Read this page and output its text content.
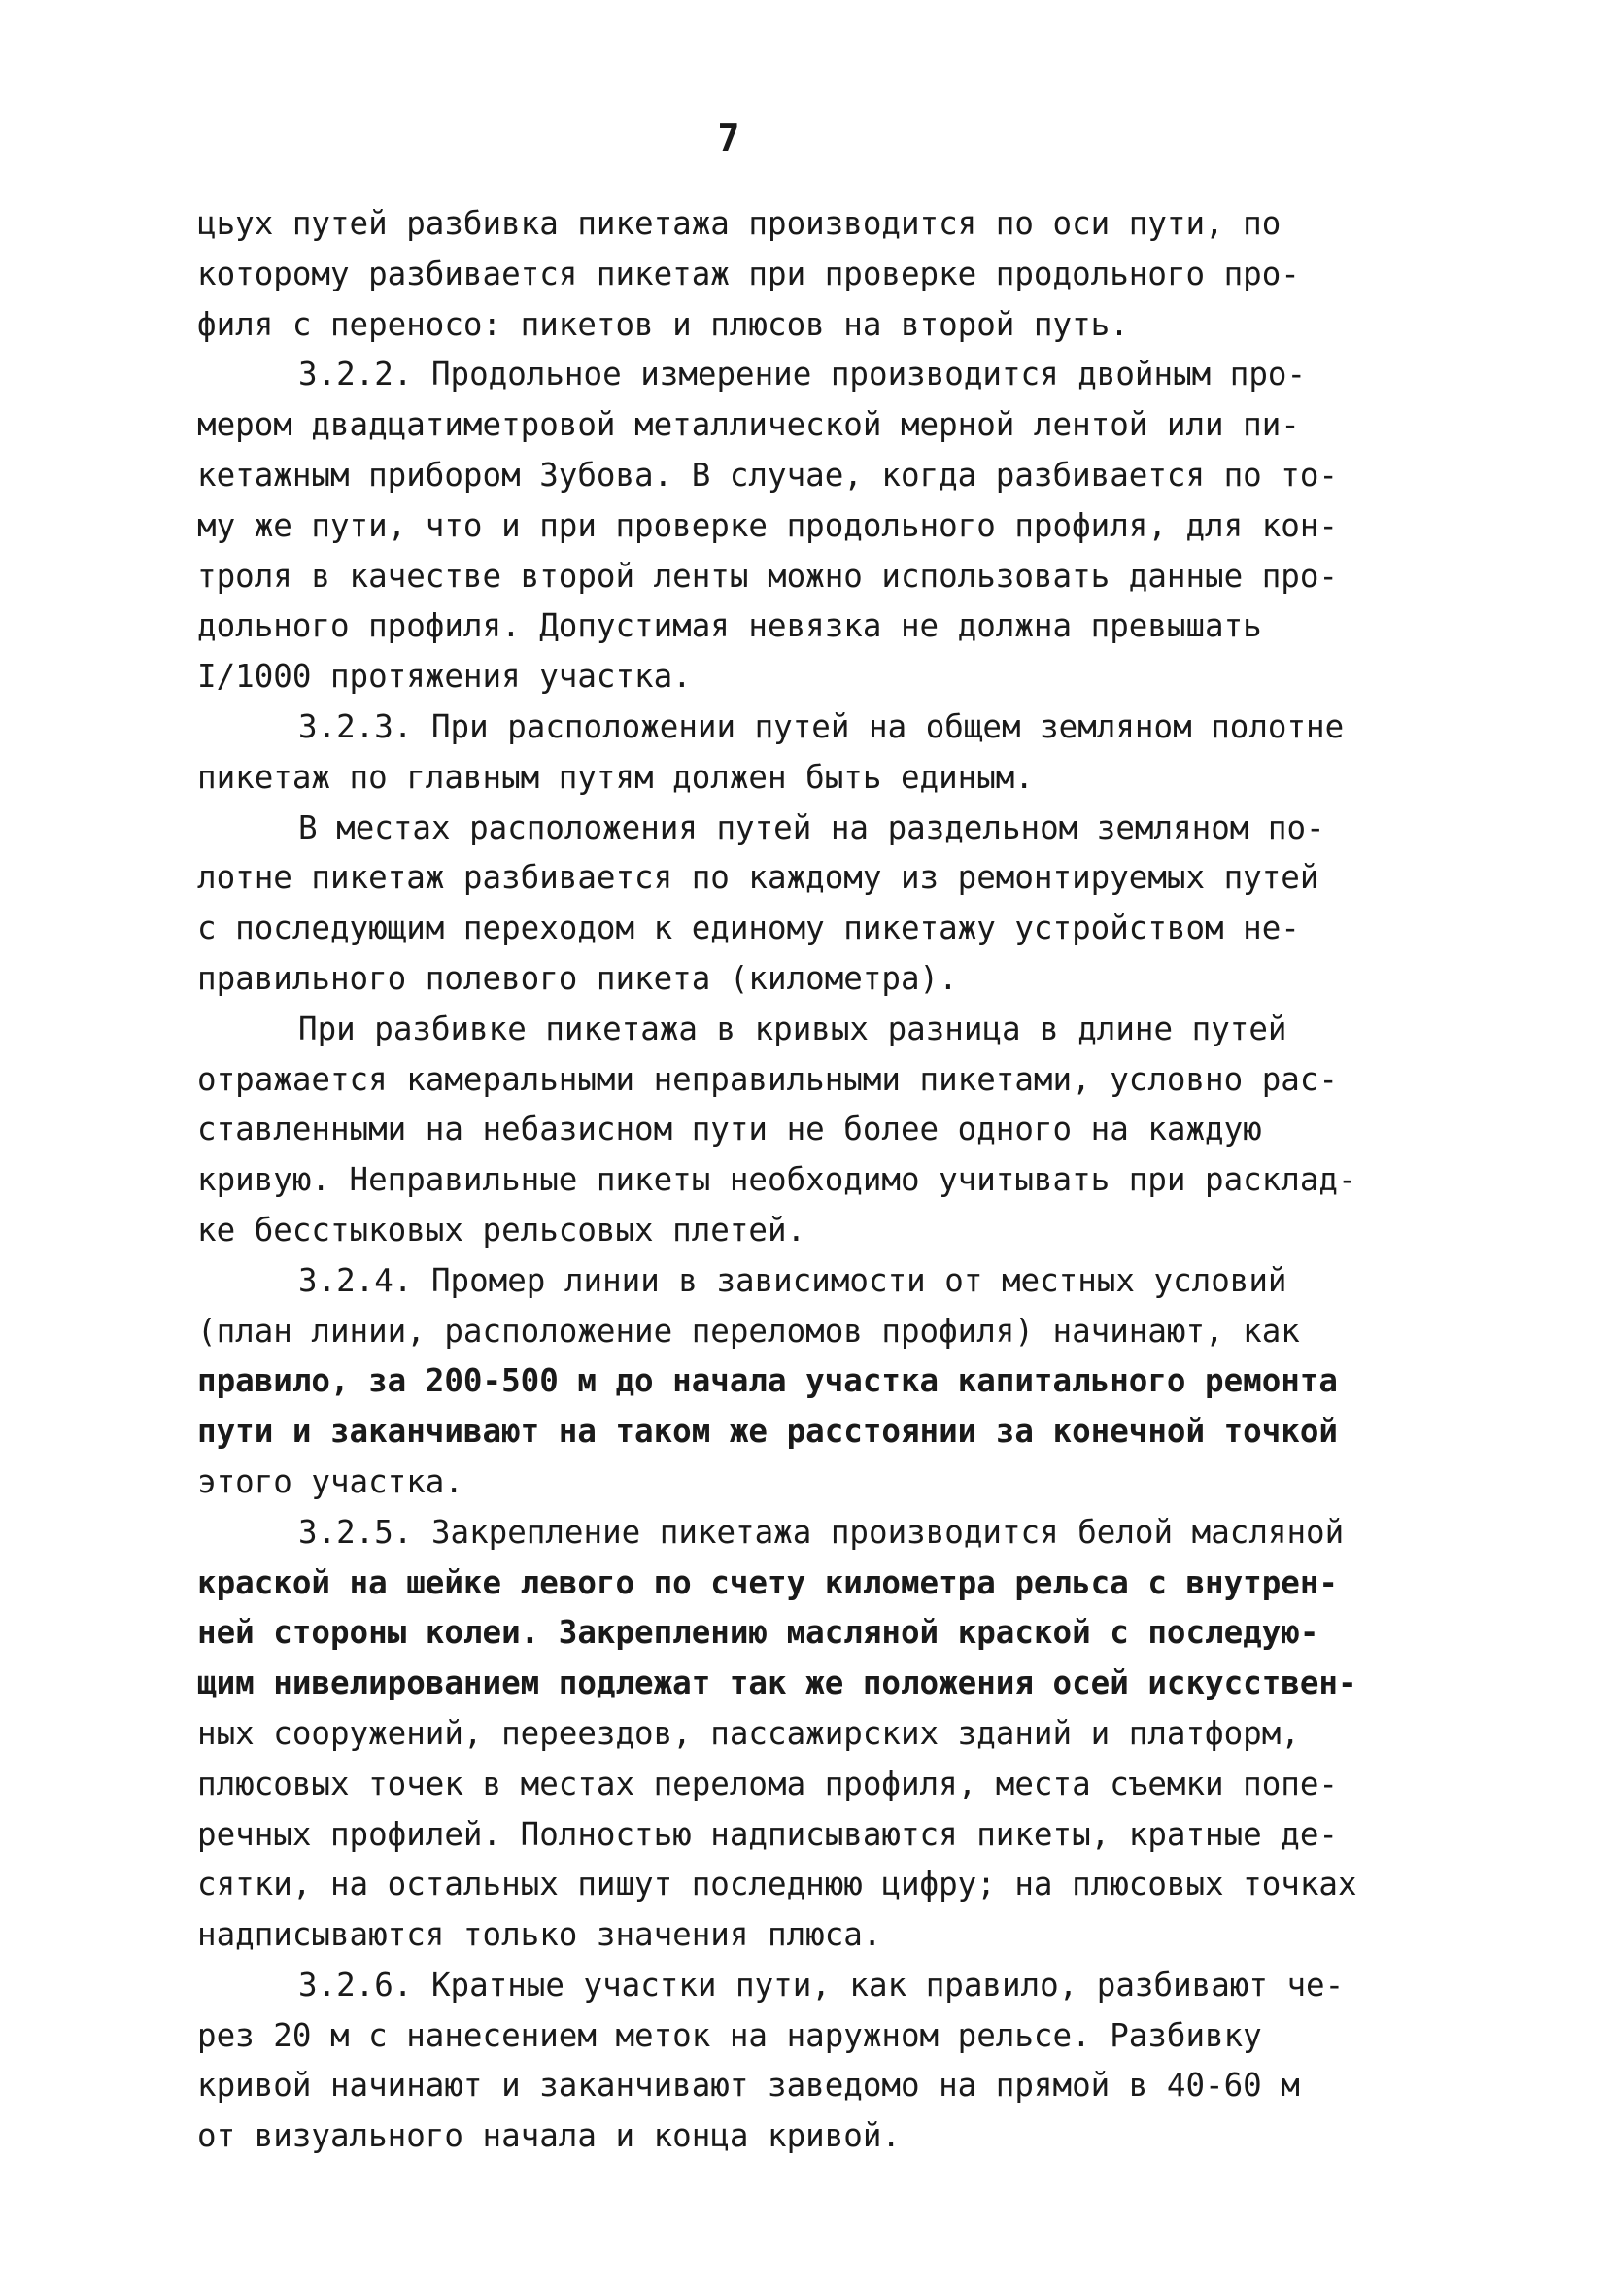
7
цьух путей разбивка пикетажа производится по оси пути, по
которому разбивается пикетаж при проверке продольного про-
филя с переносо: пикетов и плюсов на второй путь.
3.2.2. Продольное измерение производится двойным про-
мером двадцатиметровой металлической мерной лентой или пи-
кетажным прибором Зубова. В случае, когда разбивается по то-
му же пути, что и при проверке продольного профиля, для кон-
троля в качестве второй ленты можно использовать данные про-
дольного профиля. Допустимая невязка не должна превышать
I/1000 протяжения участка.
3.2.3. При расположении путей на общем земляном полотне
пикетаж по главным путям должен быть единым.
В местах расположения путей на раздельном земляном по-
лотне пикетаж разбивается по каждому из ремонтируемых путей
с последующим переходом к единому пикетажу устройством не-
правильного полевого пикета (километра).
При разбивке пикетажа в кривых разница в длине путей
отражается камеральными неправильными пикетами, условно рас-
ставленными на небазисном пути не более одного на каждую
кривую. Неправильные пикеты необходимо учитывать при расклад-
ке бесстыковых рельсовых плетей.
3.2.4. Промер линии в зависимости от местных условий
(план линии, расположение переломов профиля) начинают, как
правило, за 200-500 м до начала участка капитального ремонта
пути и заканчивают на таком же расстоянии за конечной точкой
этого участка.
3.2.5. Закрепление пикетажа производится белой масляной
краской на шейке левого по счету километра рельса с внутрен-
ней стороны колеи. Закреплению масляной краской с последую-
щим нивелированием подлежат так же положения осей искусствен-
ных сооружений, переездов, пассажирских зданий и платформ,
плюсовых точек в местах перелома профиля, места съемки попе-
речных профилей. Полностью надписываются пикеты, кратные де-
сятки, на остальных пишут последнюю цифру; на плюсовых точках
надписываются только значения плюса.
3.2.6. Кратные участки пути, как правило, разбивают че-
рез 20 м с нанесением меток на наружном рельсе. Разбивку
кривой начинают и заканчивают заведомо на прямой в 40-60 м
от визуального начала и конца кривой.
